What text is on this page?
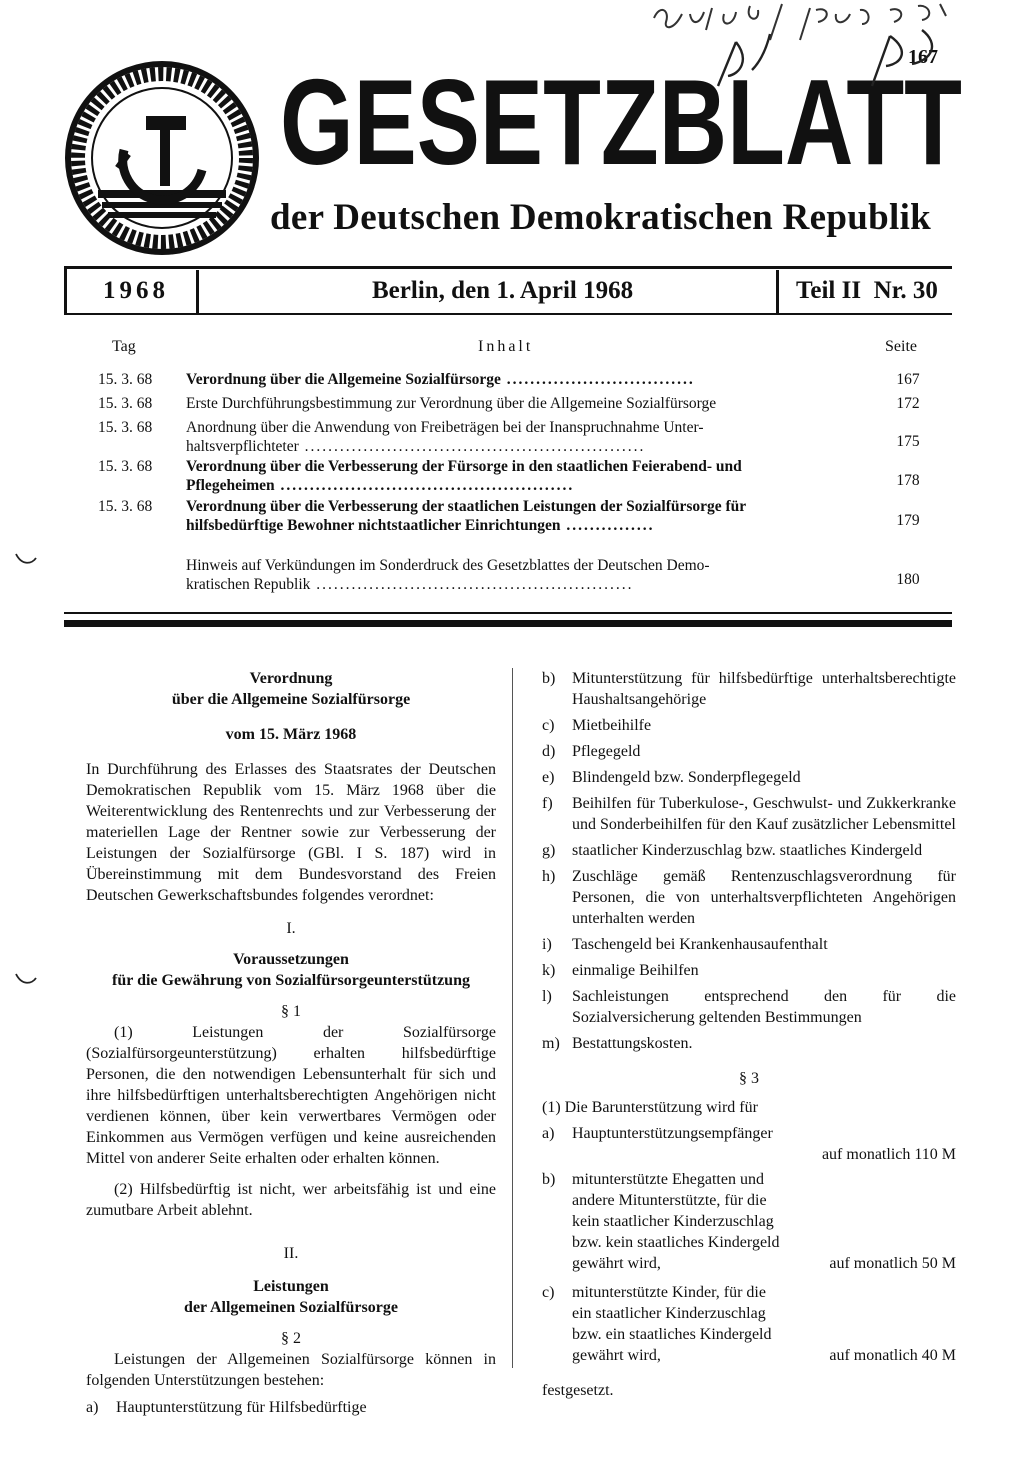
GESETZBLATT
der Deutschen Demokratischen Republik
167
1968	Berlin, den 1. April 1968	Teil II  Nr. 30
Tag	Inhalt	Seite
15. 3. 68	Verordnung über die Allgemeine Sozialfürsorge ................................	167
15. 3. 68	Erste Durchführungsbestimmung zur Verordnung über die Allgemeine Sozialfürsorge	172
15. 3. 68	Anordnung über die Anwendung von Freibeträgen bei der Inanspruchnahme Unter-
haltsverpflichteter ..........................................................	175
15. 3. 68	Verordnung über die Verbesserung der Fürsorge in den staatlichen Feierabend- und
Pflegeheimen ..................................................	178
15. 3. 68	Verordnung über die Verbesserung der staatlichen Leistungen der Sozialfürsorge für
hilfsbedürftige Bewohner nichtstaatlicher Einrichtungen ...............	179
Hinweis auf Verkündungen im Sonderdruck des Gesetzblattes der Deutschen Demo-
kratischen Republik ......................................................	180

Verordnung

über die Allgemeine Sozialfürsorge

vom 15. März 1968

In Durchführung des Erlasses des Staatsrates der Deutschen Demokratischen Republik vom 15. März 1968 über die Weiterentwicklung des Rentenrechts und zur Verbesserung der materiellen Lage der Rentner sowie zur Verbesserung der Leistungen der Sozialfürsorge (GBl. I S. 187) wird in Übereinstimmung mit dem Bundesvorstand des Freien Deutschen Gewerkschaftsbundes folgendes verordnet:

I.

Voraussetzungen

für die Gewährung von Sozialfürsorgeunterstützung

§ 1

(1) Leistungen der Sozialfürsorge (Sozialfürsorgeunterstützung) erhalten hilfsbedürftige Personen, die den notwendigen Lebensunterhalt für sich und ihre hilfsbedürftigen unterhaltsberechtigten Angehörigen nicht verdienen können, über kein verwertbares Vermögen oder Einkommen aus Vermögen verfügen und keine ausreichenden Mittel von anderer Seite erhalten oder erhalten können.

(2) Hilfsbedürftig ist nicht, wer arbeitsfähig ist und eine zumutbare Arbeit ablehnt.

II.

Leistungen

der Allgemeinen Sozialfürsorge

§ 2

Leistungen der Allgemeinen Sozialfürsorge können in folgenden Unterstützungen bestehen:

a) Hauptunterstützung für Hilfsbedürftige

b) Mitunterstützung für hilfsbedürftige unterhaltsberechtigte Haushaltsangehörige

c) Mietbeihilfe

d) Pflegegeld

e) Blindengeld bzw. Sonderpflegegeld

f) Beihilfen für Tuberkulose-, Geschwulst- und Zukkerkranke und Sonderbeihilfen für den Kauf zusätzlicher Lebensmittel

g) staatlicher Kinderzuschlag bzw. staatliches Kindergeld

h) Zuschläge gemäß Rentenzuschlagsverordnung für Personen, die von unterhaltsverpflichteten Angehörigen unterhalten werden

i) Taschengeld bei Krankenhausaufenthalt

k) einmalige Beihilfen

l) Sachleistungen entsprechend den für die Sozialversicherung geltenden Bestimmungen

m) Bestattungskosten.

§ 3

(1) Die Barunterstützung wird für

a) Hauptunterstützungsempfänger

auf monatlich 110 M

b) mitunterstützte Ehegatten und
andere Mitunterstützte, für die
kein staatlicher Kinderzuschlag
bzw. kein staatliches Kindergeld

gewährt wird,	auf monatlich 50 M

c) mitunterstützte Kinder, für die
ein staatlicher Kinderzuschlag
bzw. ein staatliches Kindergeld

gewährt wird,	auf monatlich 40 M

festgesetzt.
